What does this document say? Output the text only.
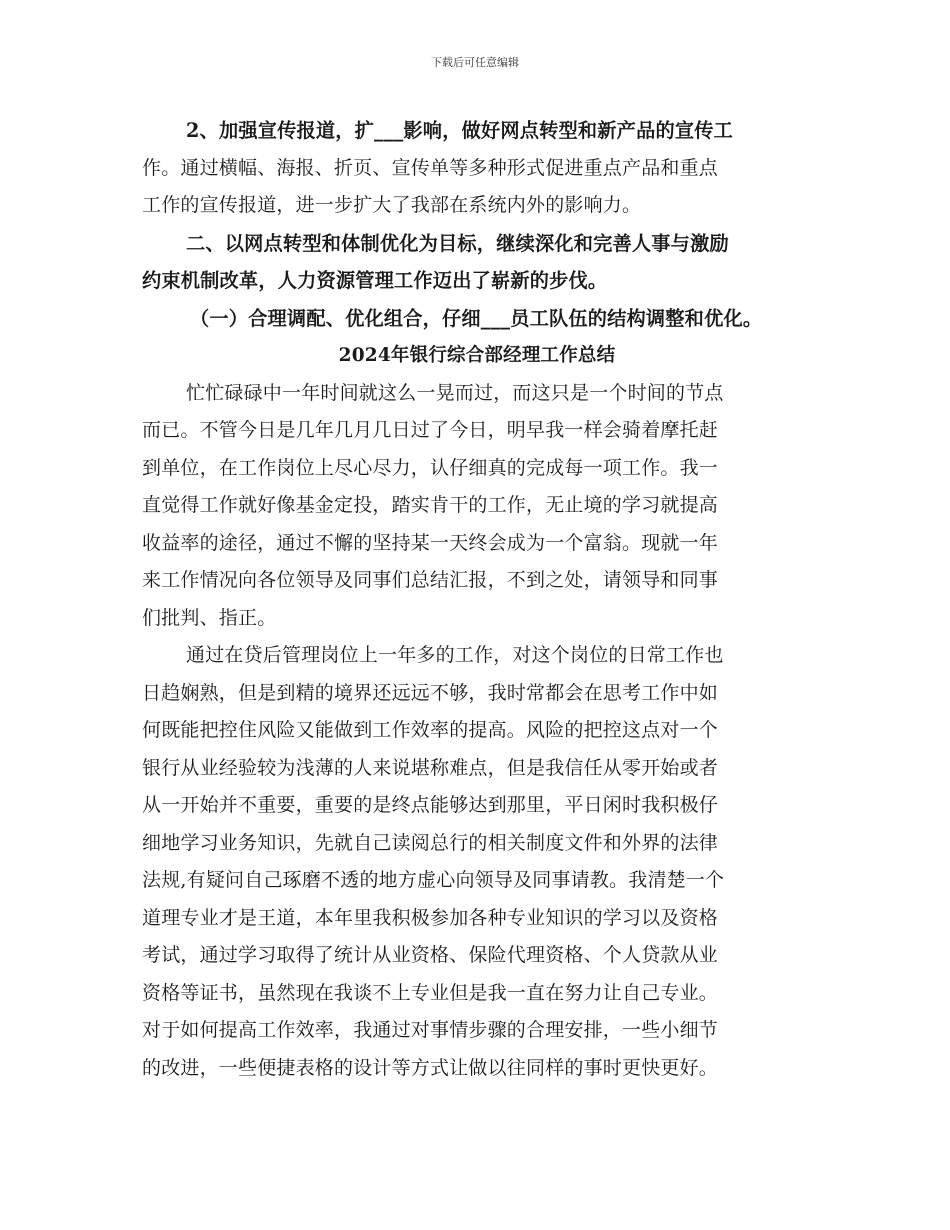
下载后可任意编辑
2、加强宣传报道，扩___影响，做好网点转型和新产品的宣传工
作。通过横幅、海报、折页、宣传单等多种形式促进重点产品和重点
工作的宣传报道，进一步扩大了我部在系统内外的影响力。
二、以网点转型和体制优化为目标，继续深化和完善人事与激励
约束机制改革，人力资源管理工作迈出了崭新的步伐。
（一）合理调配、优化组合，仔细___员工队伍的结构调整和优化。
2024年银行综合部经理工作总结
忙忙碌碌中一年时间就这么一晃而过，而这只是一个时间的节点
而已。不管今日是几年几月几日过了今日，明早我一样会骑着摩托赶
到单位，在工作岗位上尽心尽力，认仔细真的完成每一项工作。我一
直觉得工作就好像基金定投，踏实肯干的工作，无止境的学习就提高
收益率的途径，通过不懈的坚持某一天终会成为一个富翁。现就一年
来工作情况向各位领导及同事们总结汇报，不到之处，请领导和同事
们批判、指正。
通过在贷后管理岗位上一年多的工作，对这个岗位的日常工作也
日趋娴熟，但是到精的境界还远远不够，我时常都会在思考工作中如
何既能把控住风险又能做到工作效率的提高。风险的把控这点对一个
银行从业经验较为浅薄的人来说堪称难点，但是我信任从零开始或者
从一开始并不重要，重要的是终点能够达到那里，平日闲时我积极仔
细地学习业务知识，先就自己读阅总行的相关制度文件和外界的法律
法规,有疑问自己琢磨不透的地方虚心向领导及同事请教。我清楚一个
道理专业才是王道，本年里我积极参加各种专业知识的学习以及资格
考试，通过学习取得了统计从业资格、保险代理资格、个人贷款从业
资格等证书，虽然现在我谈不上专业但是我一直在努力让自己专业。
对于如何提高工作效率，我通过对事情步骤的合理安排，一些小细节
的改进，一些便捷表格的设计等方式让做以往同样的事时更快更好。
